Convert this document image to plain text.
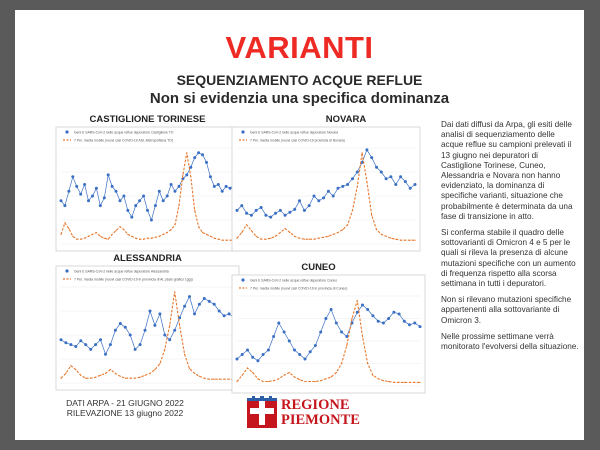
VARIANTI
SEQUENZIAMENTO ACQUE REFLUE
Non si evidenzia una specifica dominanza
CASTIGLIONE TORINESE
Geni E SARS-CoV-2 nelle acque reflue depuratore Castiglione TO
7 Per. media mobile (nuovi casi COVID-19 ASL Metropolitana TO)
NOVARA
Geni E SARS-CoV-2 nelle acque reflue depuratore Novara
7 Per. media mobile (nuovi casi COVID-19 provincia di Novara)
ALESSANDRIA
Geni E SARS-CoV-2 nelle acque reflue depuratore Alessandria
7 Per. media mobile (nuovi casi COVID-19 in provincia di AL (dato grafico 1gg))
CUNEO
Geni E SARS-CoV-2 nelle acque reflue depuratore Cuneo
7 Per. media mobile (nuovi casi COVID-19 in provincia di Cuneo)

Dai dati diffusi da Arpa, gli esiti delle analisi di sequenziamento delle acque reflue su campioni prelevati il 13 giugno nei depuratori di Castiglione Torinese, Cuneo, Alessandria e Novara non hanno evidenziato, la dominanza di specifiche varianti, situazione che probabilmente è determinata da una fase di transizione in atto.

Si conferma stabile il quadro delle sottovarianti di Omicron 4 e 5 per le quali si rileva la presenza di alcune mutazioni specifiche con un aumento di frequenza rispetto alla scorsa settimana in tutti i depuratori.

Non si rilevano mutazioni specifiche appartenenti alla sottovariante di Omicron 3.

Nelle prossime settimane verrà monitorato l'evolversi della situazione.

DATI ARPA - 21 GIUGNO 2022
RILEVAZIONE 13 giugno 2022	REGIONE
PIEMONTE
